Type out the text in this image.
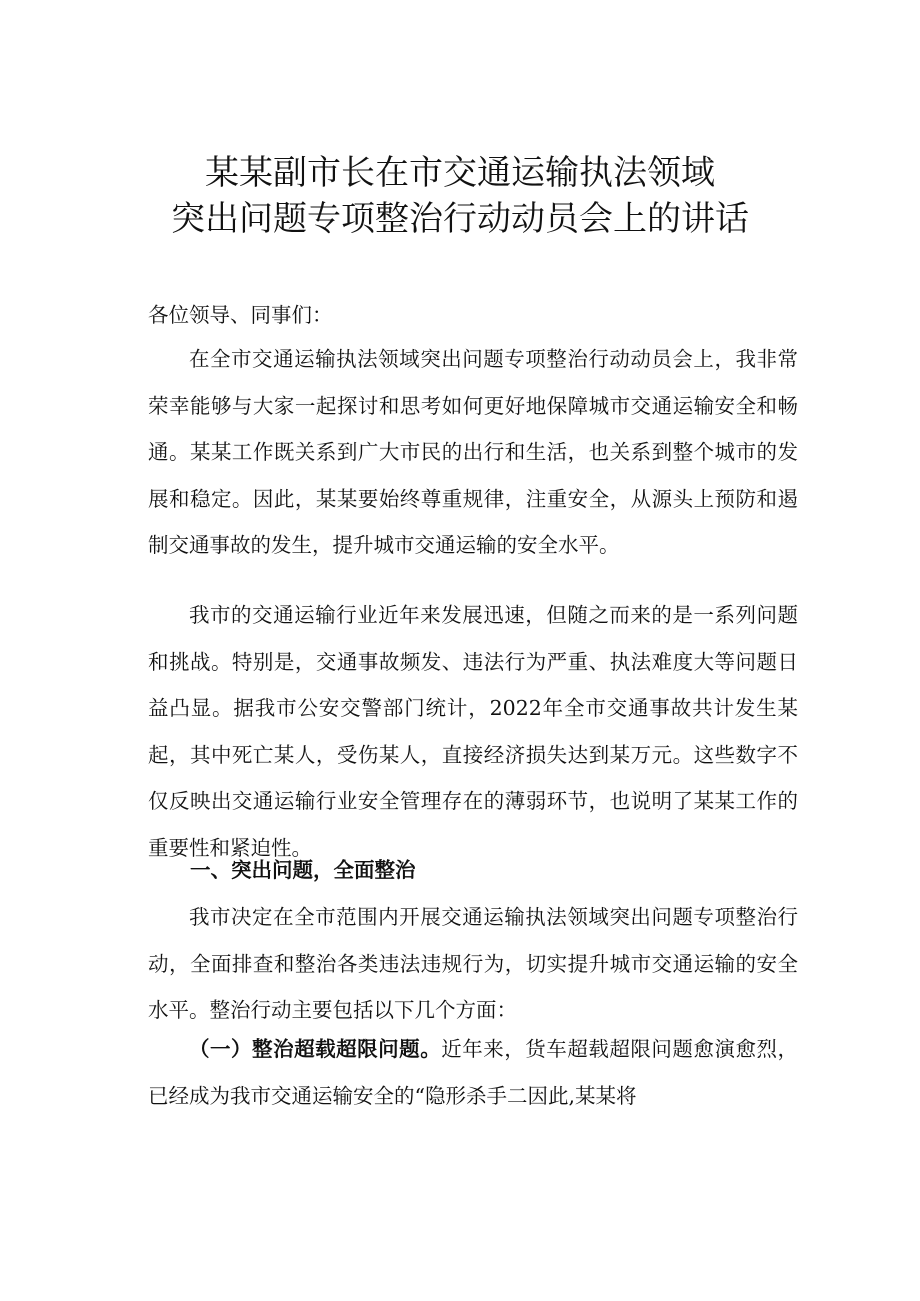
某某副市长在市交通运输执法领域
突出问题专项整治行动动员会上的讲话
各位领导、同事们：

在全市交通运输执法领域突出问题专项整治行动动员会上，我非常荣幸能够与大家一起探讨和思考如何更好地保障城市交通运输安全和畅通。某某工作既关系到广大市民的出行和生活，也关系到整个城市的发展和稳定。因此，某某要始终尊重规律，注重安全，从源头上预防和遏制交通事故的发生，提升城市交通运输的安全水平。

我市的交通运输行业近年来发展迅速，但随之而来的是一系列问题和挑战。特别是，交通事故频发、违法行为严重、执法难度大等问题日益凸显。据我市公安交警部门统计，2022年全市交通事故共计发生某起，其中死亡某人，受伤某人，直接经济损失达到某万元。这些数字不仅反映出交通运输行业安全管理存在的薄弱环节，也说明了某某工作的重要性和紧迫性。

一、突出问题，全面整治

我市决定在全市范围内开展交通运输执法领域突出问题专项整治行动，全面排查和整治各类违法违规行为，切实提升城市交通运输的安全水平。整治行动主要包括以下几个方面：

（一）整治超载超限问题。近年来，货车超载超限问题愈演愈烈，已经成为我市交通运输安全的“隐形杀手二因此,某某将
